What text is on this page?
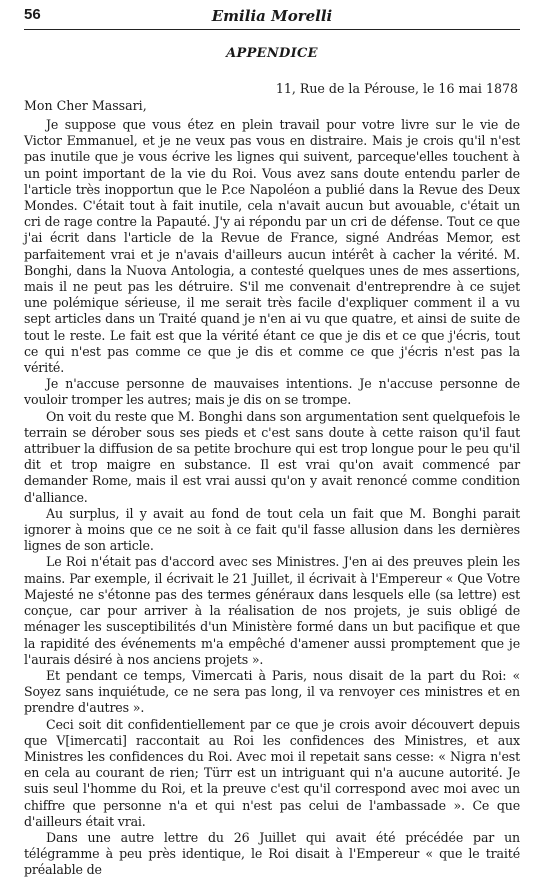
56	Emilia Morelli
APPENDICE
11, Rue de la Pérouse, le 16 mai 1878
Mon Cher Massari,

Je suppose que vous étez en plein travail pour votre livre sur le vie de Victor Emmanuel, et je ne veux pas vous en distraire. Mais je crois qu'il n'est pas inutile que je vous écrive les lignes qui suivent, parceque'elles touchent à un point important de la vie du Roi. Vous avez sans doute entendu parler de l'article très inopportun que le P.ce Napoléon a publié dans la Revue des Deux Mondes. C'était tout à fait inutile, cela n'avait aucun but avouable, c'était un cri de rage contre la Papauté. J'y ai répondu par un cri de défense. Tout ce que j'ai écrit dans l'article de la Revue de France, signé Andréas Memor, est parfaitement vrai et je n'avais d'ailleurs aucun intérêt à cacher la vérité. M. Bonghi, dans la Nuova Antologia, a contesté quelques unes de mes assertions, mais il ne peut pas les détruire. S'il me convenait d'entreprendre à ce sujet une polémique sérieuse, il me serait très facile d'expliquer comment il a vu sept articles dans un Traité quand je n'en ai vu que quatre, et ainsi de suite de tout le reste. Le fait est que la vérité étant ce que je dis et ce que j'écris, tout ce qui n'est pas comme ce que je dis et comme ce que j'écris n'est pas la vérité.

Je n'accuse personne de mauvaises intentions. Je n'accuse personne de vouloir tromper les autres; mais je dis on se trompe.

On voit du reste que M. Bonghi dans son argumentation sent quelquefois le terrain se dérober sous ses pieds et c'est sans doute à cette raison qu'il faut attribuer la diffusion de sa petite brochure qui est trop longue pour le peu qu'il dit et trop maigre en substance. Il est vrai qu'on avait commencé par demander Rome, mais il est vrai aussi qu'on y avait renoncé comme condition d'alliance.

Au surplus, il y avait au fond de tout cela un fait que M. Bonghi parait ignorer à moins que ce ne soit à ce fait qu'il fasse allusion dans les dernières lignes de son article.

Le Roi n'était pas d'accord avec ses Ministres. J'en ai des preuves plein les mains. Par exemple, il écrivait le 21 Juillet, il écrivait à l'Empereur « Que Votre Majesté ne s'étonne pas des termes généraux dans lesquels elle (sa lettre) est conçue, car pour arriver à la réalisation de nos projets, je suis obligé de ménager les susceptibilités d'un Ministère formé dans un but pacifique et que la rapidité des événements m'a empêché d'amener aussi promptement que je l'aurais désiré à nos anciens projets ».

Et pendant ce temps, Vimercati à Paris, nous disait de la part du Roi: « Soyez sans inquiétude, ce ne sera pas long, il va renvoyer ces ministres et en prendre d'autres ».

Ceci soit dit confidentiellement par ce que je crois avoir découvert depuis que V[imercati] raccontait au Roi les confidences des Ministres, et aux Ministres les confidences du Roi. Avec moi il repetait sans cesse: « Nigra n'est en cela au courant de rien; Türr est un intriguant qui n'a aucune autorité. Je suis seul l'homme du Roi, et la preuve c'est qu'il correspond avec moi avec un chiffre que personne n'a et qui n'est pas celui de l'ambassade ». Ce que d'ailleurs était vrai.

Dans une autre lettre du 26 Juillet qui avait été précédée par un télégramme à peu près identique, le Roi disait à l'Empereur « que le traité préalable de
